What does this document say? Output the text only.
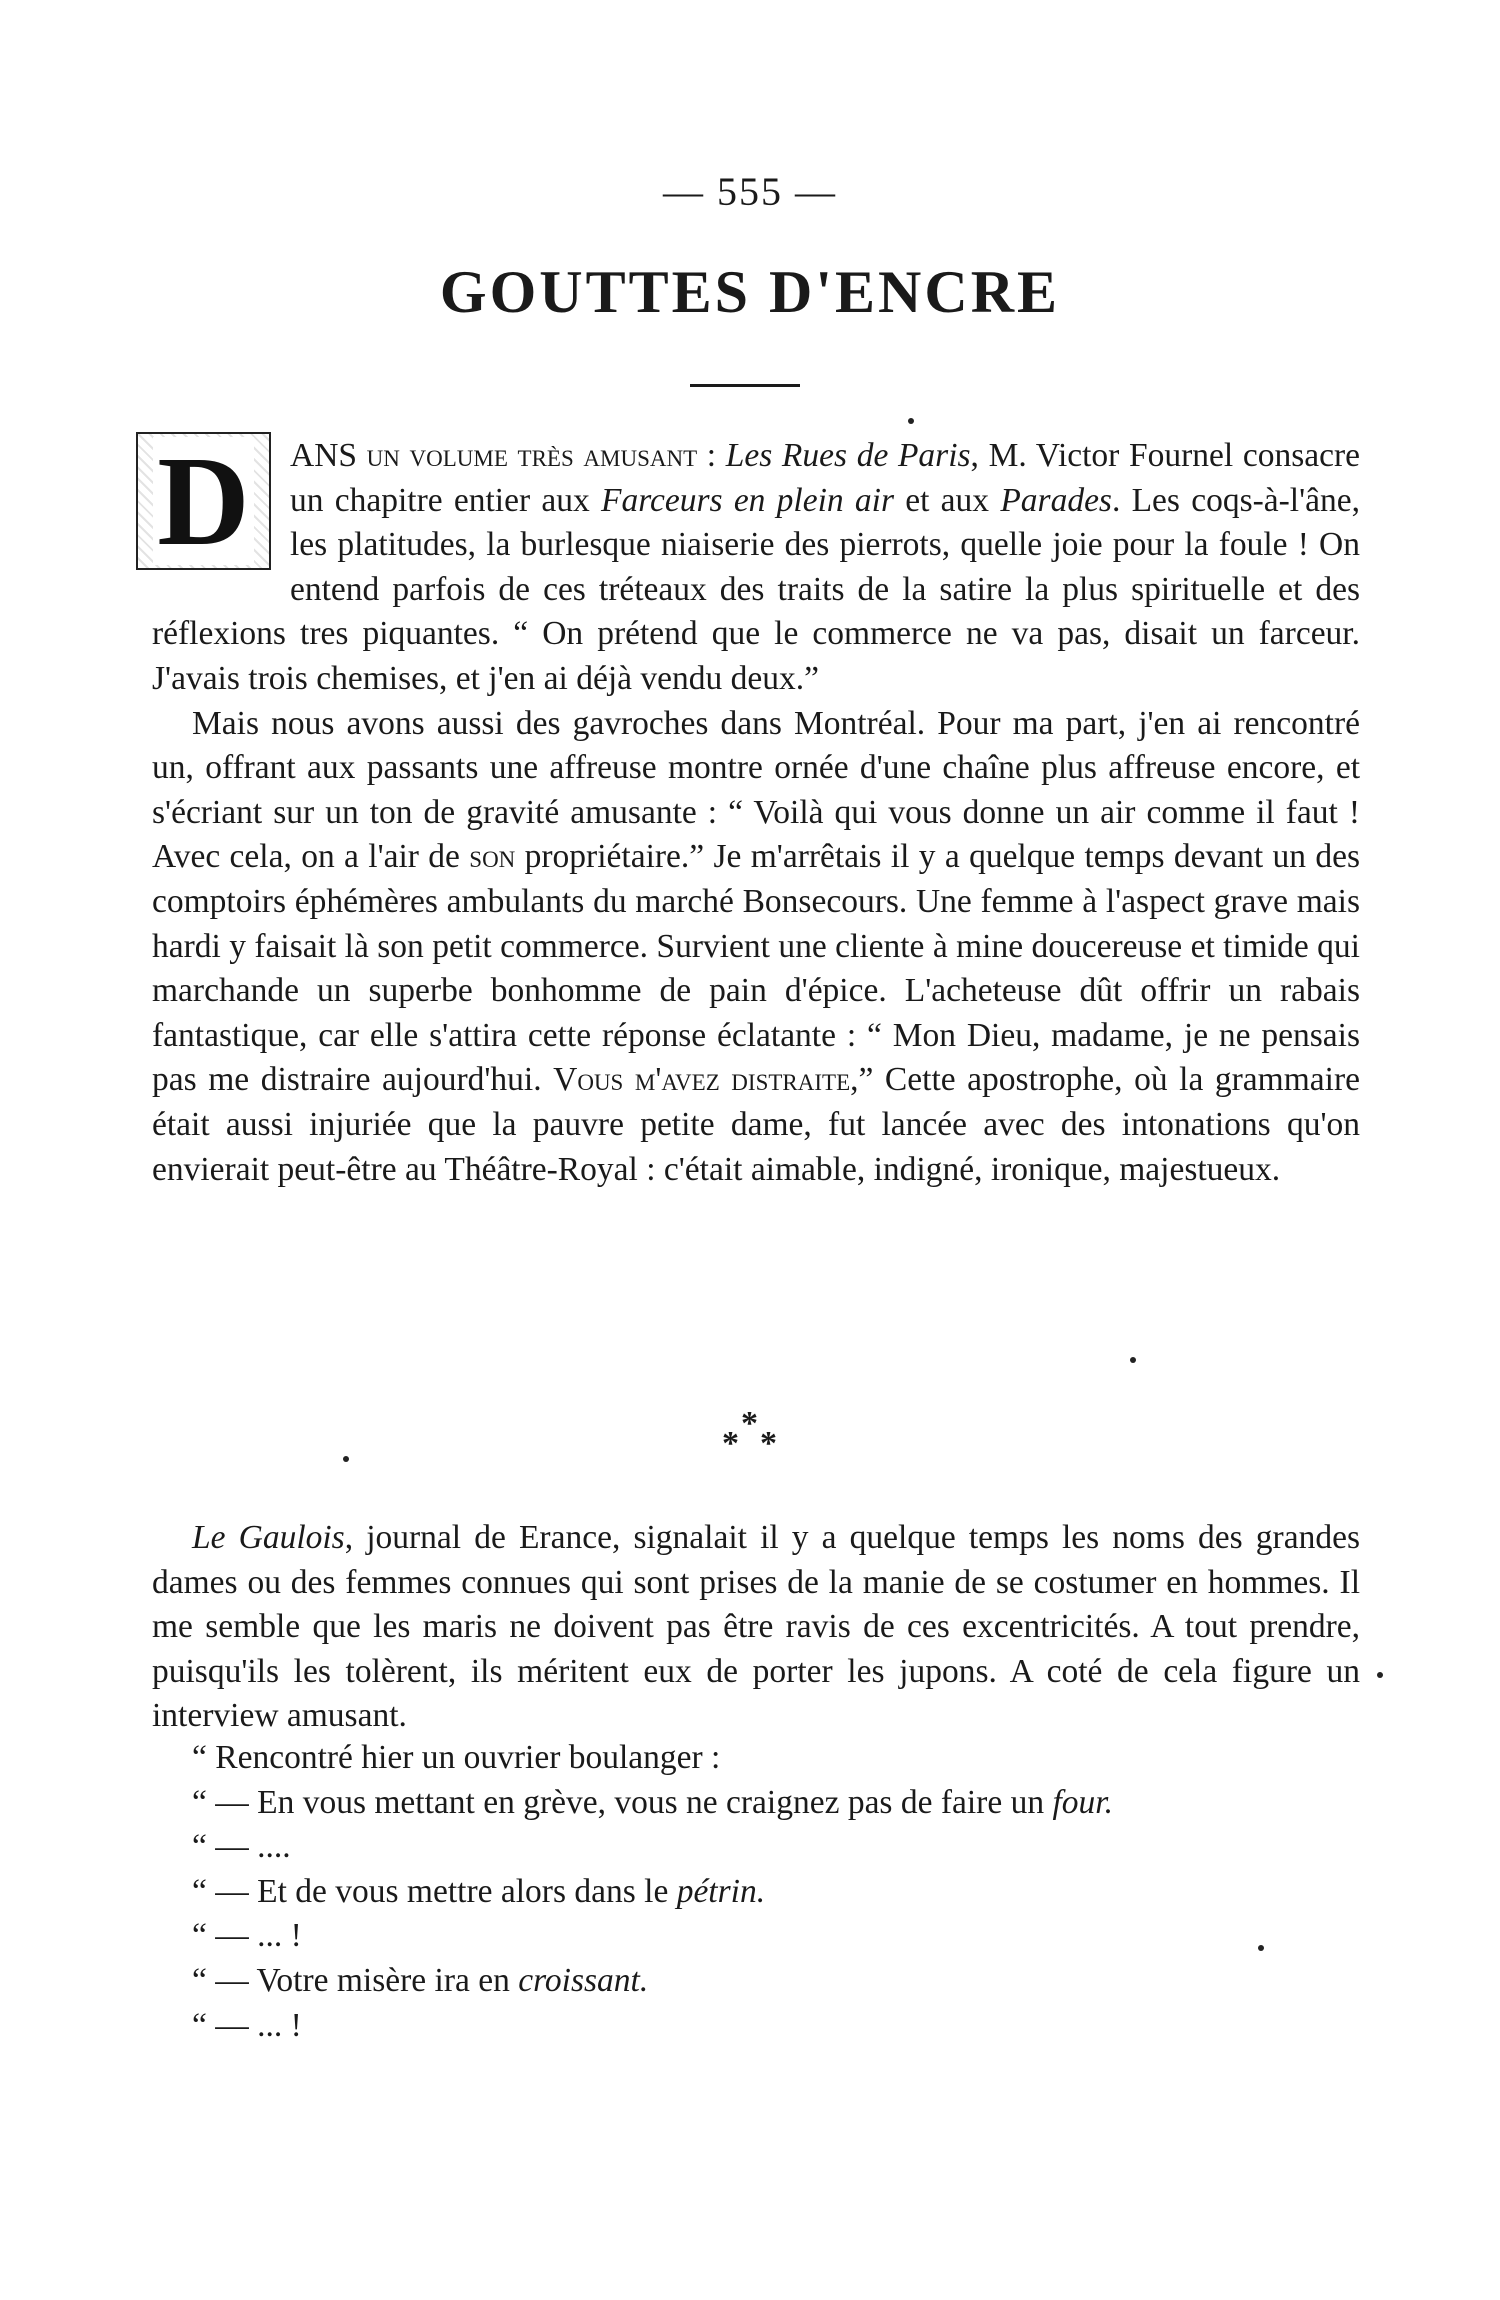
— 555 —
GOUTTES D'ENCRE
D	ANS un volume très amusant : Les Rues de Paris, M. Victor Fournel consacre un chapitre entier aux Farceurs en plein air et aux Parades. Les coqs-à-l'âne, les platitudes, la burlesque niaiserie des pierrots, quelle joie pour la foule ! On entend parfois de ces tréteaux des traits de la satire la plus spirituelle et des réflexions tres piquantes. “ On prétend que le commerce ne va pas, disait un farceur. J'avais trois chemises, et j'en ai déjà vendu deux.”

Mais nous avons aussi des gavroches dans Montréal. Pour ma part, j'en ai rencontré un, offrant aux passants une affreuse montre ornée d'une chaîne plus affreuse encore, et s'écriant sur un ton de gravité amusante : “ Voilà qui vous donne un air comme il faut ! Avec cela, on a l'air de son propriétaire.” Je m'arrêtais il y a quelque temps devant un des comptoirs éphémères ambulants du marché Bonsecours. Une femme à l'aspect grave mais hardi y faisait là son petit commerce. Survient une cliente à mine doucereuse et timide qui marchande un superbe bonhomme de pain d'épice. L'acheteuse dût offrir un rabais fantastique, car elle s'attira cette réponse éclatante : “ Mon Dieu, madame, je ne pensais pas me distraire aujourd'hui. Vous m'avez distraite,” Cette apostrophe, où la grammaire était aussi injuriée que la pauvre petite dame, fut lancée avec des intonations qu'on envierait peut-être au Théâtre-Royal : c'était aimable, indigné, ironique, majestueux.

*
* *

Le Gaulois, journal de Erance, signalait il y a quelque temps les noms des grandes dames ou des femmes connues qui sont prises de la manie de se costumer en hommes. Il me semble que les maris ne doivent pas être ravis de ces excentricités. A tout prendre, puisqu'ils les tolèrent, ils méritent eux de porter les jupons. A coté de cela figure un interview amusant.

“ Rencontré hier un ouvrier boulanger :
“ — En vous mettant en grève, vous ne craignez pas de faire un four.
“ — ....
“ — Et de vous mettre alors dans le pétrin.
“ — ... !
“ — Votre misère ira en croissant.
“ — ... !
